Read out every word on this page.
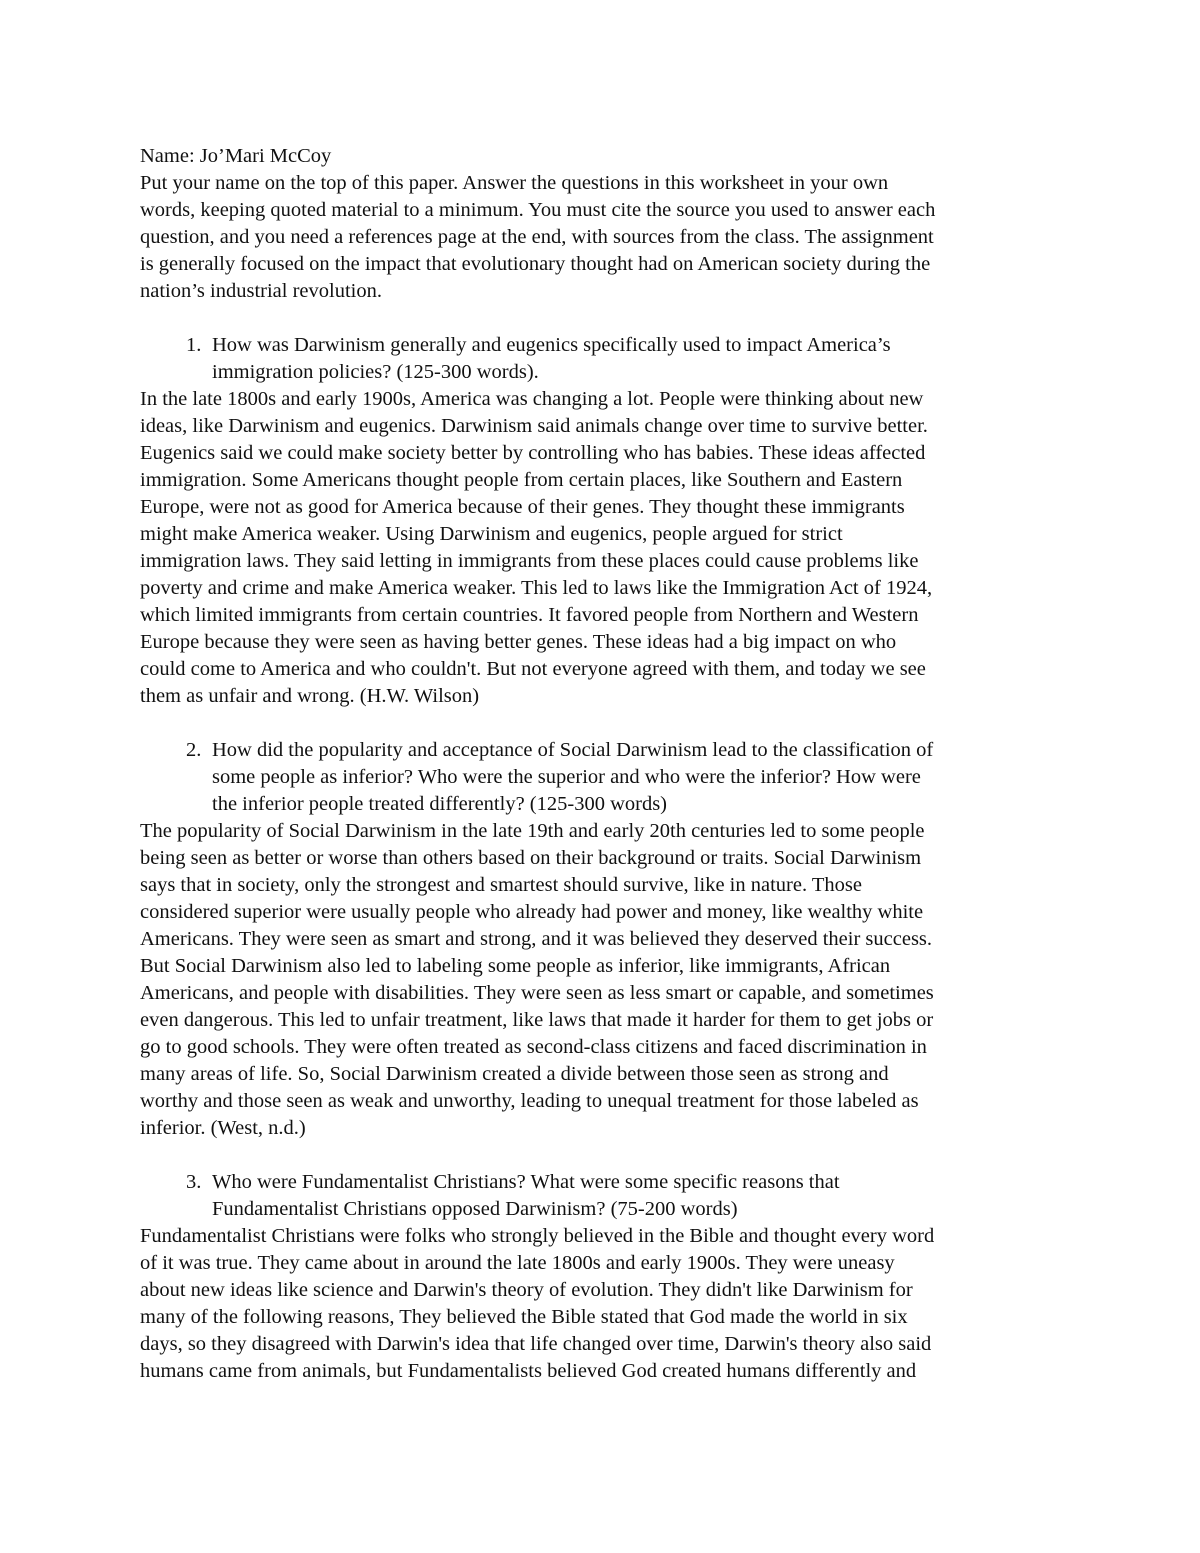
Name: Jo’Mari McCoy
Put your name on the top of this paper. Answer the questions in this worksheet in your own
words, keeping quoted material to a minimum. You must cite the source you used to answer each
question, and you need a references page at the end, with sources from the class. The assignment
is generally focused on the impact that evolutionary thought had on American society during the
nation’s industrial revolution.
1. How was Darwinism generally and eugenics specifically used to impact America’s
immigration policies? (125-300 words).
In the late 1800s and early 1900s, America was changing a lot. People were thinking about new
ideas, like Darwinism and eugenics. Darwinism said animals change over time to survive better.
Eugenics said we could make society better by controlling who has babies. These ideas affected
immigration. Some Americans thought people from certain places, like Southern and Eastern
Europe, were not as good for America because of their genes. They thought these immigrants
might make America weaker. Using Darwinism and eugenics, people argued for strict
immigration laws. They said letting in immigrants from these places could cause problems like
poverty and crime and make America weaker. This led to laws like the Immigration Act of 1924,
which limited immigrants from certain countries. It favored people from Northern and Western
Europe because they were seen as having better genes. These ideas had a big impact on who
could come to America and who couldn't. But not everyone agreed with them, and today we see
them as unfair and wrong. (H.W. Wilson)
2. How did the popularity and acceptance of Social Darwinism lead to the classification of
some people as inferior? Who were the superior and who were the inferior? How were
the inferior people treated differently? (125-300 words)
The popularity of Social Darwinism in the late 19th and early 20th centuries led to some people
being seen as better or worse than others based on their background or traits. Social Darwinism
says that in society, only the strongest and smartest should survive, like in nature. Those
considered superior were usually people who already had power and money, like wealthy white
Americans. They were seen as smart and strong, and it was believed they deserved their success.
But Social Darwinism also led to labeling some people as inferior, like immigrants, African
Americans, and people with disabilities. They were seen as less smart or capable, and sometimes
even dangerous. This led to unfair treatment, like laws that made it harder for them to get jobs or
go to good schools. They were often treated as second-class citizens and faced discrimination in
many areas of life. So, Social Darwinism created a divide between those seen as strong and
worthy and those seen as weak and unworthy, leading to unequal treatment for those labeled as
inferior. (West, n.d.)
3. Who were Fundamentalist Christians? What were some specific reasons that
Fundamentalist Christians opposed Darwinism? (75-200 words)
Fundamentalist Christians were folks who strongly believed in the Bible and thought every word
of it was true. They came about in around the late 1800s and early 1900s. They were uneasy
about new ideas like science and Darwin's theory of evolution. They didn't like Darwinism for
many of the following reasons, They believed the Bible stated that God made the world in six
days, so they disagreed with Darwin's idea that life changed over time, Darwin's theory also said
humans came from animals, but Fundamentalists believed God created humans differently and
